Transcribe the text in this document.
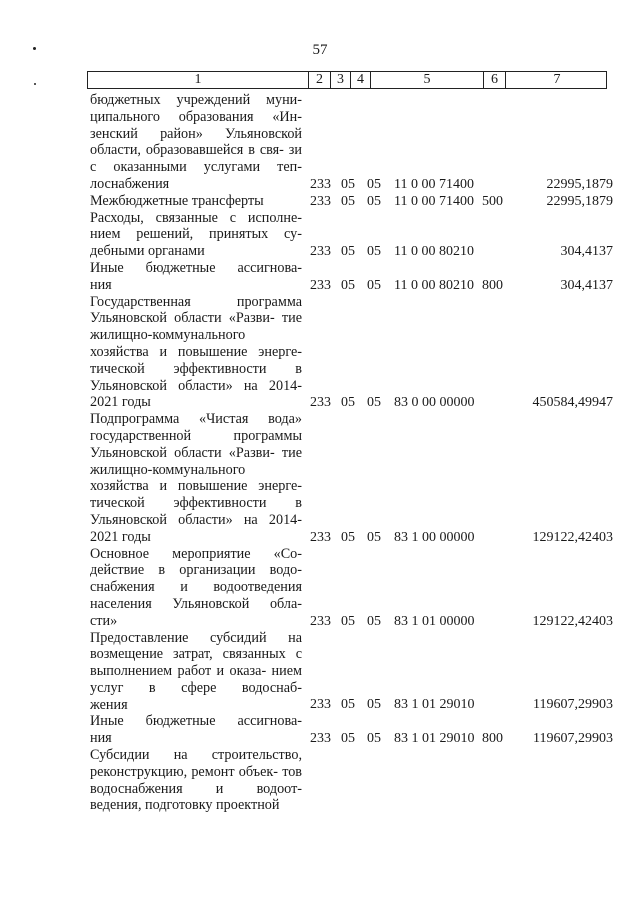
57
1	2	3 4	5	6	7
бюджетных учреждений муни- ципального образования «Ин- зенский район» Ульяновской области, образовавшейся в свя- зи с оказанными услугами теп-
лоснабжения	233 05 05 11 0 00 71400	22995,1879
Межбюджетные трансферты	233 05 05 11 0 00 71400 500	22995,1879
Расходы, связанные с исполне- нием решений, принятых су-
дебными органами	233 05 05 11 0 00 80210	304,4137
Иные бюджетные ассигнова-
ния	233 05 05 11 0 00 80210 800	304,4137
Государственная программа Ульяновской области «Разви- тие жилищно-коммунального хозяйства и повышение энерге- тической эффективности в Ульяновской области» на 2014-
2021 годы	233 05 05 83 0 00 00000	450584,49947
Подпрограмма «Чистая вода» государственной программы Ульяновской области «Разви- тие жилищно-коммунального хозяйства и повышение энерге- тической эффективности в Ульяновской области» на 2014-
2021 годы	233 05 05 83 1 00 00000	129122,42403
Основное мероприятие «Со- действие в организации водо- снабжения и водоотведения населения Ульяновской обла-
сти»	233 05 05 83 1 01 00000	129122,42403
Предоставление субсидий на возмещение затрат, связанных с выполнением работ и оказа- нием услуг в сфере водоснаб-
жения	233 05 05 83 1 01 29010	119607,29903
Иные бюджетные ассигнова-
ния	233 05 05 83 1 01 29010 800 119607,29903
Субсидии на строительство, реконструкцию, ремонт объек- тов водоснабжения и водоот-
ведения, подготовку проектной
